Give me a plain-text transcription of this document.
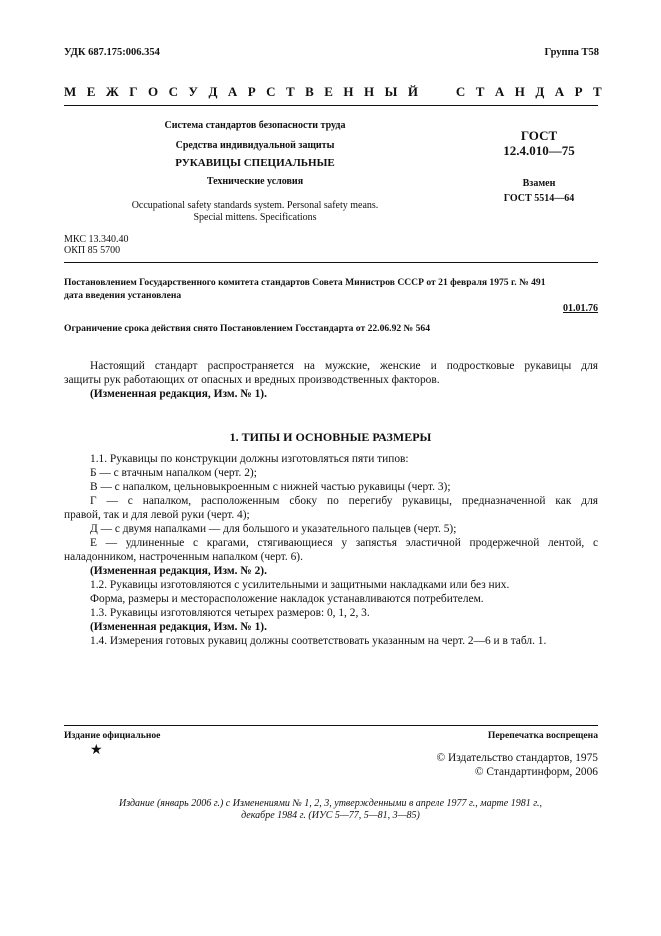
УДК 687.175:006.354	Группа Т58
М Е Ж Г О С У Д А Р С Т В Е Н Н Ы Й

	С Т А Н Д А Р Т
Система стандартов безопасности труда
Средства индивидуальной защиты
РУКАВИЦЫ СПЕЦИАЛЬНЫЕ
Технические условия
Occupational safety standards system. Personal safety means.
Special mittens. Specifications
ГОСТ
12.4.010—75
Взамен
ГОСТ 5514—64
МКС 13.340.40
ОКП 85 5700
Постановлением Государственного комитета стандартов Совета Министров СССР от 21 февраля 1975 г. № 491
дата введения установлена
01.01.76
Ограничение срока действия снято Постановлением Госстандарта от 22.06.92 № 564
Настоящий стандарт распространяется на мужские, женские и подростковые рукавицы для
защиты рук работающих от опасных и вредных производственных факторов.
(Измененная редакция, Изм. № 1).
1. ТИПЫ И ОСНОВНЫЕ РАЗМЕРЫ
1.1. Рукавицы по конструкции должны изготовляться пяти типов:
Б — с втачным напалком (черт. 2);
В — с напалком, цельновыкроенным с нижней частью рукавицы (черт. 3);
Г — с напалком, расположенным сбоку по перегибу рукавицы, предназначенной как для
правой, так и для левой руки (черт. 4);
Д — с двумя напалками — для большого и указательного пальцев (черт. 5);
Е — удлиненные с крагами, стягивающиеся у запястья эластичной продержечной лентой, с
наладонником, настроченным напалком (черт. 6).
(Измененная редакция, Изм. № 2).
1.2. Рукавицы изготовляются с усилительными и защитными накладками или без них.
Форма, размеры и месторасположение накладок устанавливаются потребителем.
1.3. Рукавицы изготовляются четырех размеров: 0, 1, 2, 3.
(Измененная редакция, Изм. № 1).
1.4. Измерения готовых рукавиц должны соответствовать указанным на черт. 2—6 и в табл. 1.
Издание официальное	Перепечатка воспрещена
★	© Издательство стандартов, 1975
© Стандартинформ, 2006
Издание (январь 2006 г.) с Изменениями № 1, 2, 3, утвержденными в апреле 1977 г., марте 1981 г.,
декабре 1984 г. (ИУС 5—77, 5—81, 3—85)
